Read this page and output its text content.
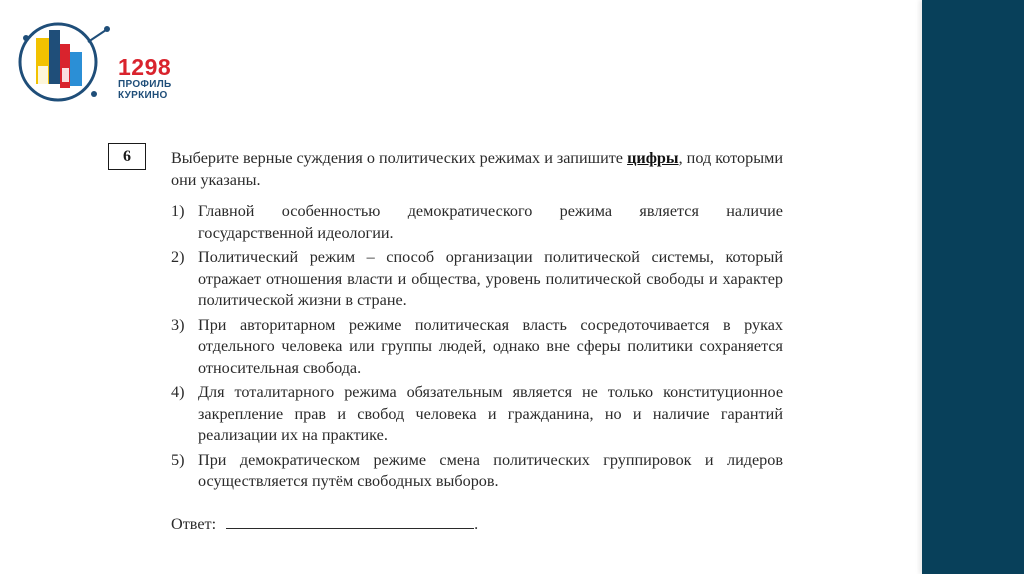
1298
ПРОФИЛЬ
КУРКИНО
6	Выберите верные суждения о политических режимах и запишите цифры, под которыми они указаны.

1) Главной особенностью демократического режима является наличие государственной идеологии.
2) Политический режим – способ организации политической системы, который отражает отношения власти и общества, уровень политической свободы и характер политической жизни в стране.
3) При авторитарном режиме политическая власть сосредоточивается в руках отдельного человека или группы людей, однако вне сферы политики сохраняется относительная свобода.
4) Для тоталитарного режима обязательным является не только конституционное закрепление прав и свобод человека и гражданина, но и наличие гарантий реализации их на практике.
5) При демократическом режиме смена политических группировок и лидеров осуществляется путём свободных выборов.
Ответ:	.
